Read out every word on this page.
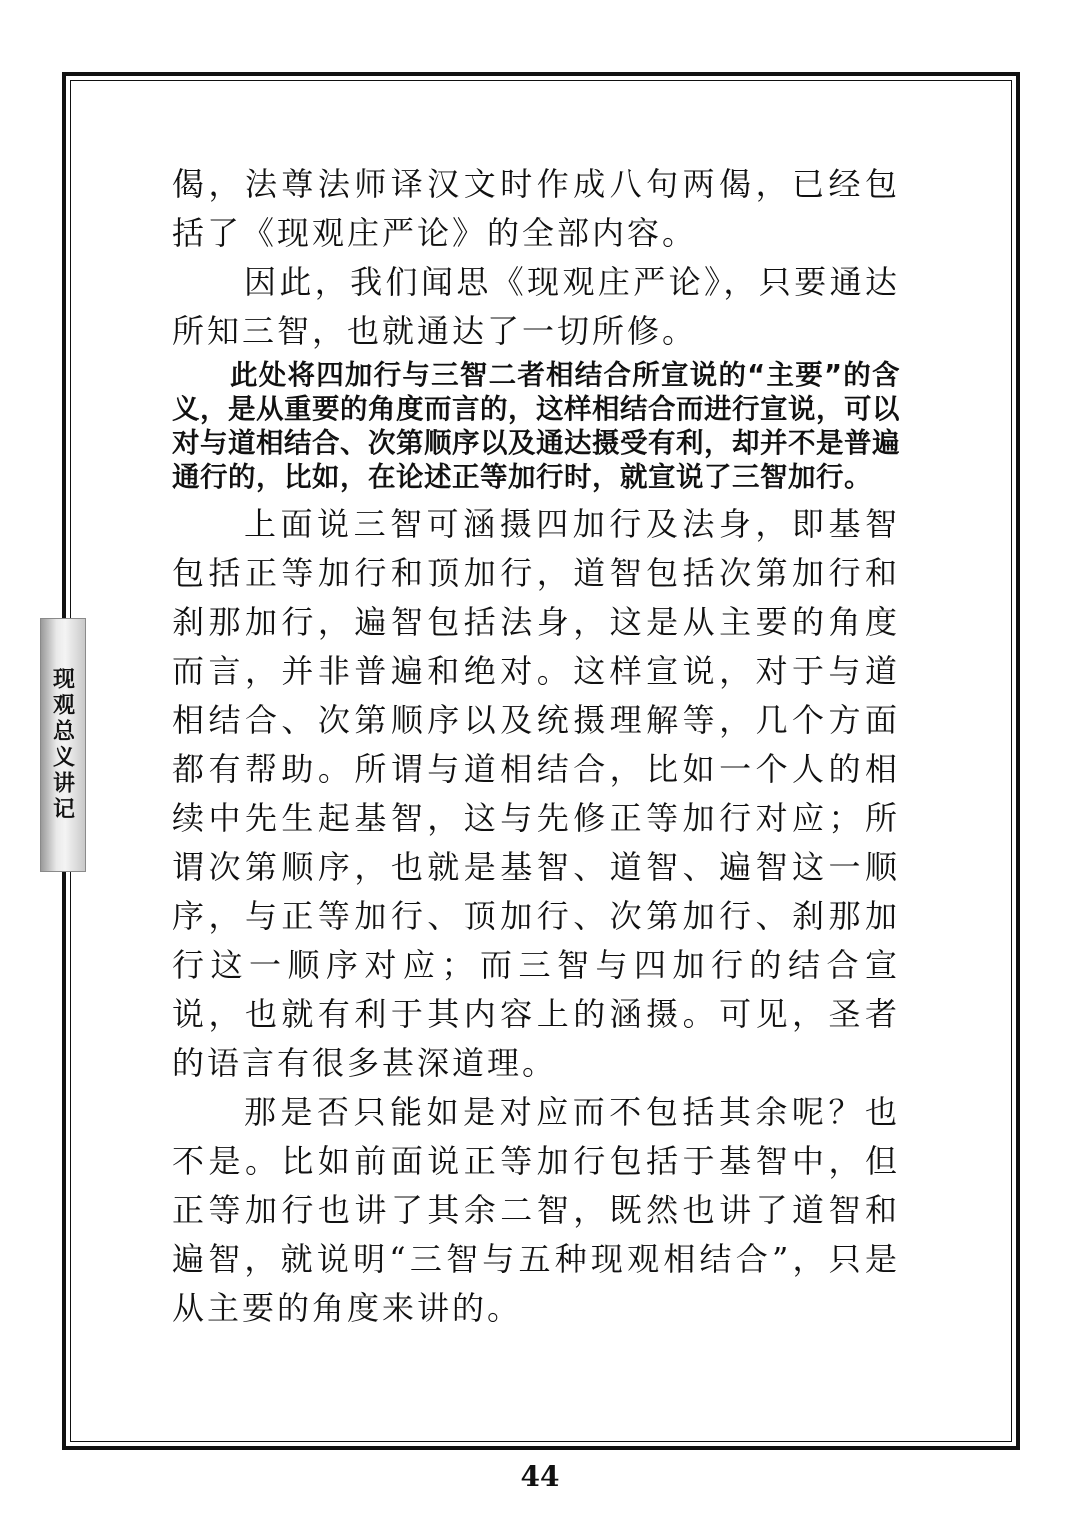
现观总义讲记

偈，法尊法师译汉文时作成八句两偈，已经包括了《现观庄严论》的全部内容。

因此，我们闻思《现观庄严论》，只要通达所知三智，也就通达了一切所修。

此处将四加行与三智二者相结合所宣说的“主要”的含义，是从重要的角度而言的，这样相结合而进行宣说，可以对与道相结合、次第顺序以及通达摄受有利，却并不是普遍通行的，比如，在论述正等加行时，就宣说了三智加行。

上面说三智可涵摄四加行及法身，即基智包括正等加行和顶加行，道智包括次第加行和刹那加行，遍智包括法身，这是从主要的角度而言，并非普遍和绝对。这样宣说，对于与道相结合、次第顺序以及统摄理解等，几个方面都有帮助。所谓与道相结合，比如一个人的相续中先生起基智，这与先修正等加行对应；所谓次第顺序，也就是基智、道智、遍智这一顺序，与正等加行、顶加行、次第加行、刹那加行这一顺序对应；而三智与四加行的结合宣说，也就有利于其内容上的涵摄。可见，圣者的语言有很多甚深道理。

那是否只能如是对应而不包括其余呢？也不是。比如前面说正等加行包括于基智中，但正等加行也讲了其余二智，既然也讲了道智和遍智，就说明“三智与五种现观相结合”，只是从主要的角度来讲的。

44
